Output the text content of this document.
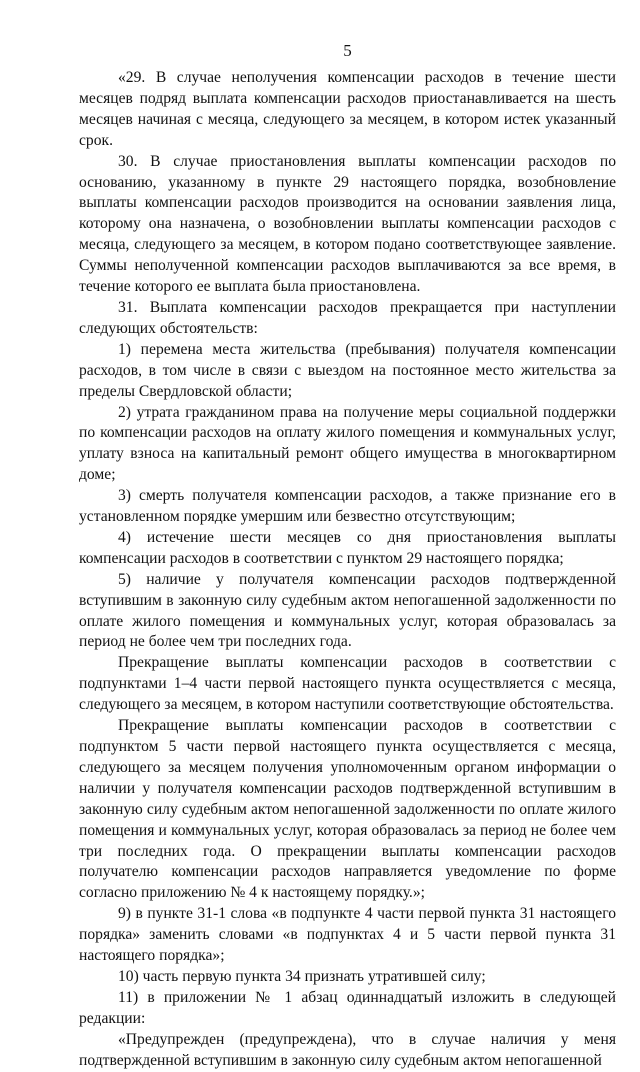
5

«29. В случае неполучения компенсации расходов в течение шести месяцев подряд выплата компенсации расходов приостанавливается на шесть месяцев начиная с месяца, следующего за месяцем, в котором истек указанный срок.

30. В случае приостановления выплаты компенсации расходов по основанию, указанному в пункте 29 настоящего порядка, возобновление выплаты компенсации расходов производится на основании заявления лица, которому она назначена, о возобновлении выплаты компенсации расходов с месяца, следующего за месяцем, в котором подано соответствующее заявление. Суммы неполученной компенсации расходов выплачиваются за все время, в течение которого ее выплата была приостановлена.

31. Выплата компенсации расходов прекращается при наступлении следующих обстоятельств:

1) перемена места жительства (пребывания) получателя компенсации расходов, в том числе в связи с выездом на постоянное место жительства за пределы Свердловской области;

2) утрата гражданином права на получение меры социальной поддержки по компенсации расходов на оплату жилого помещения и коммунальных услуг, уплату взноса на капитальный ремонт общего имущества в многоквартирном доме;

3) смерть получателя компенсации расходов, а также признание его в установленном порядке умершим или безвестно отсутствующим;

4) истечение шести месяцев со дня приостановления выплаты компенсации расходов в соответствии с пунктом 29 настоящего порядка;

5) наличие у получателя компенсации расходов подтвержденной вступившим в законную силу судебным актом непогашенной задолженности по оплате жилого помещения и коммунальных услуг, которая образовалась за период не более чем три последних года.

Прекращение выплаты компенсации расходов в соответствии с подпунктами 1–4 части первой настоящего пункта осуществляется с месяца, следующего за месяцем, в котором наступили соответствующие обстоятельства.

Прекращение выплаты компенсации расходов в соответствии с подпунктом 5 части первой настоящего пункта осуществляется с месяца, следующего за месяцем получения уполномоченным органом информации о наличии у получателя компенсации расходов подтвержденной вступившим в законную силу судебным актом непогашенной задолженности по оплате жилого помещения и коммунальных услуг, которая образовалась за период не более чем три последних года. О прекращении выплаты компенсации расходов получателю компенсации расходов направляется уведомление по форме согласно приложению № 4 к настоящему порядку.»;

9) в пункте 31-1 слова «в подпункте 4 части первой пункта 31 настоящего порядка» заменить словами «в подпунктах 4 и 5 части первой пункта 31 настоящего порядка»;

10) часть первую пункта 34 признать утратившей силу;

11) в приложении № 1 абзац одиннадцатый изложить в следующей редакции:

«Предупрежден (предупреждена), что в случае наличия у меня подтвержденной вступившим в законную силу судебным актом непогашенной
